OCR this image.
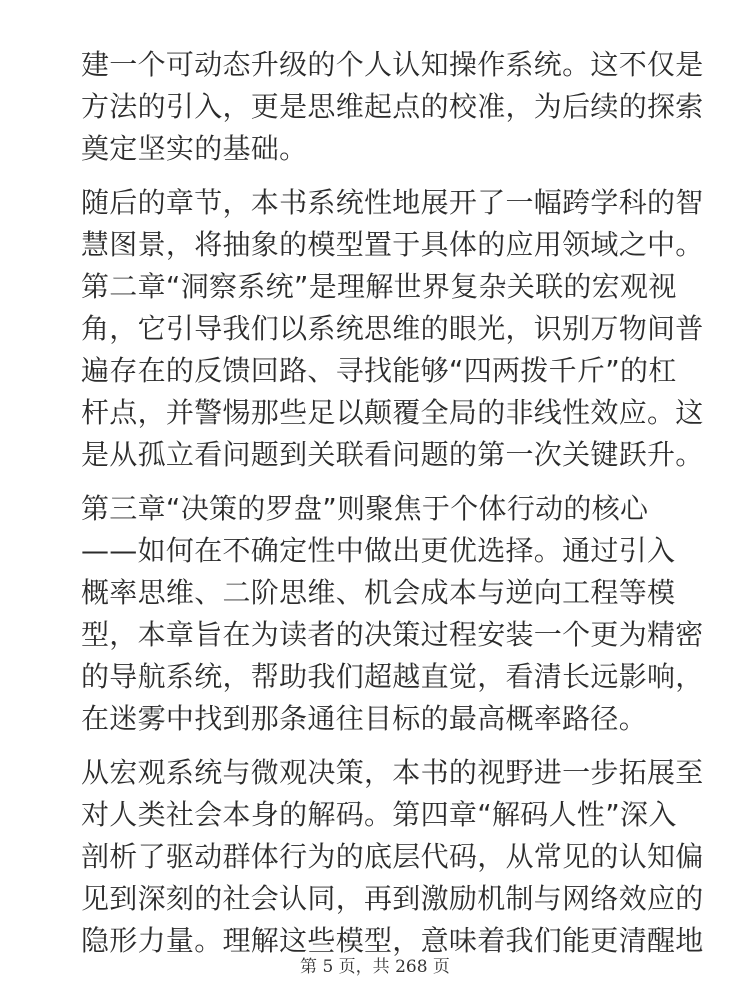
建一个可动态升级的个人认知操作系统。这不仅是
方法的引入，更是思维起点的校准，为后续的探索
奠定坚实的基础。

随后的章节，本书系统性地展开了一幅跨学科的智
慧图景，将抽象的模型置于具体的应用领域之中。
第二章“洞察系统”是理解世界复杂关联的宏观视
角，它引导我们以系统思维的眼光，识别万物间普
遍存在的反馈回路、寻找能够“四两拨千斤”的杠
杆点，并警惕那些足以颠覆全局的非线性效应。这
是从孤立看问题到关联看问题的第一次关键跃升。

第三章“决策的罗盘”则聚焦于个体行动的核心
——如何在不确定性中做出更优选择。通过引入
概率思维、二阶思维、机会成本与逆向工程等模
型，本章旨在为读者的决策过程安装一个更为精密
的导航系统，帮助我们超越直觉，看清长远影响，
在迷雾中找到那条通往目标的最高概率路径。

从宏观系统与微观决策，本书的视野进一步拓展至
对人类社会本身的解码。第四章“解码人性”深入
剖析了驱动群体行为的底层代码，从常见的认知偏
见到深刻的社会认同，再到激励机制与网络效应的
隐形力量。理解这些模型，意味着我们能更清醒地

第 5 页，共 268 页
